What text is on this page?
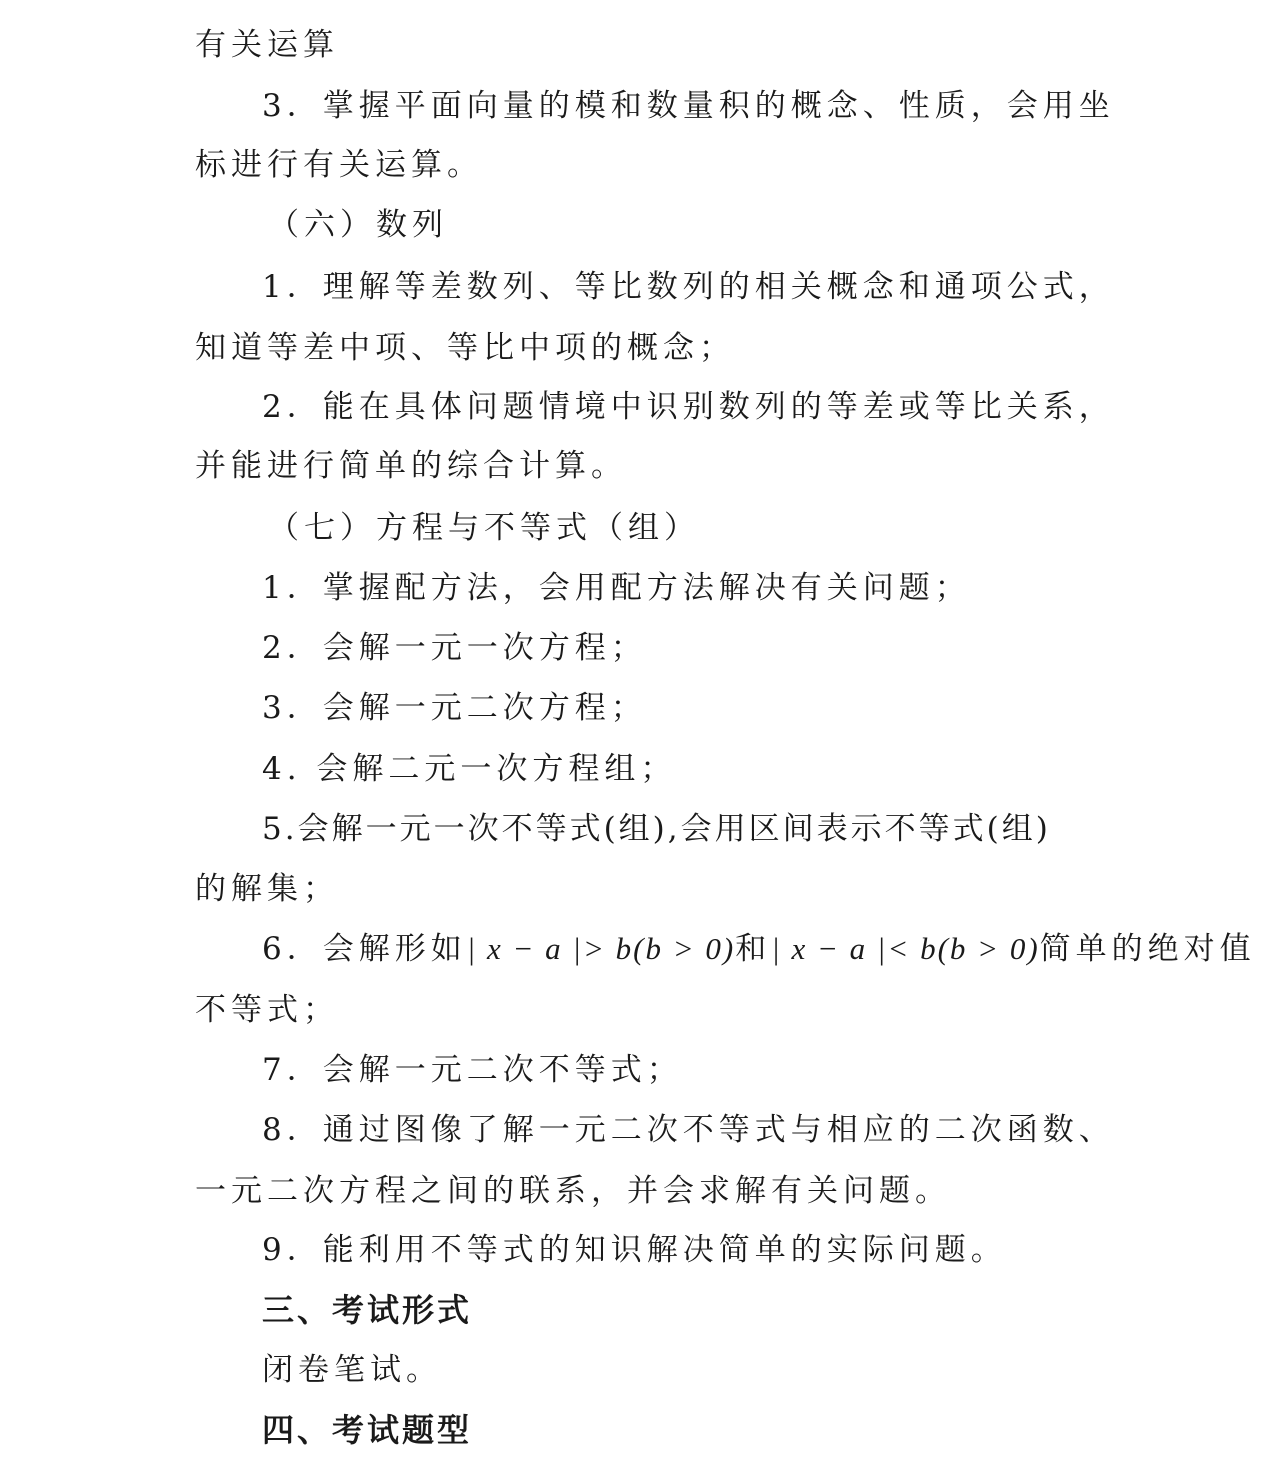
有关运算
3．掌握平面向量的模和数量积的概念、性质，会用坐
标进行有关运算。
（六）数列
1．理解等差数列、等比数列的相关概念和通项公式，
知道等差中项、等比中项的概念；
2．能在具体问题情境中识别数列的等差或等比关系，
并能进行简单的综合计算。
（七）方程与不等式（组）
1．掌握配方法，会用配方法解决有关问题；
2．会解一元一次方程；
3．会解一元二次方程；
4. 会解二元一次方程组；
5.会解一元一次不等式(组),会用区间表示不等式(组)
的解集；
6．会解形如| x − a |> b(b > 0)和| x − a |< b(b > 0)简单的绝对值
不等式；
7．会解一元二次不等式；
8．通过图像了解一元二次不等式与相应的二次函数、
一元二次方程之间的联系，并会求解有关问题。
9．能利用不等式的知识解决简单的实际问题。
三、考试形式
闭卷笔试。
四、考试题型
